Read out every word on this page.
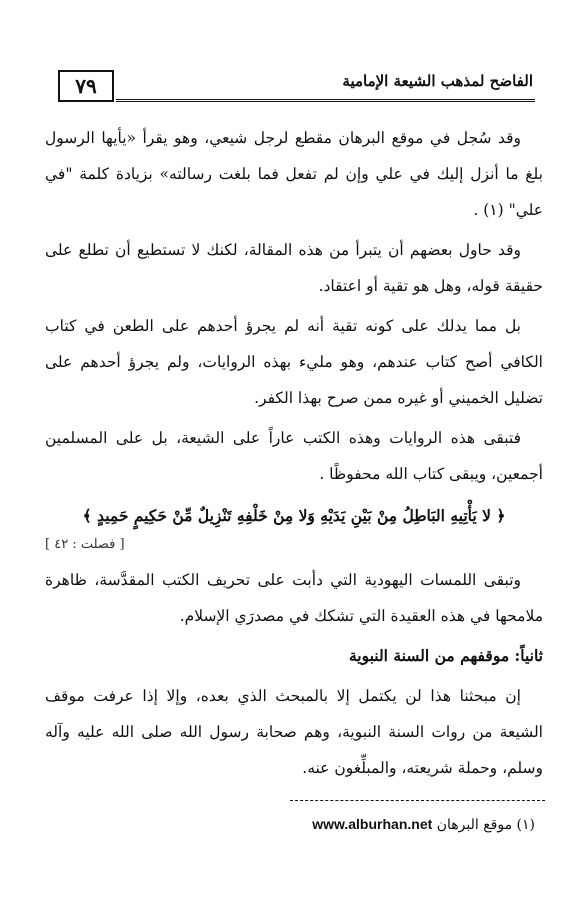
٧٩	الفاضح لمذهب الشيعة الإمامية

وقد سُجل في موقع البرهان مقطع لرجل شيعي، وهو يقرأ «يأيها الرسول بلغ ما أنزل إليك في علي وإن لم تفعل فما بلغت رسالته» بزيادة كلمة "في علي" (١) .

وقد حاول بعضهم أن يتبرأ من هذه المقالة، لكنك لا تستطيع أن تطلع على حقيقة قوله، وهل هو تقية أو اعتقاد.

بل مما يدلك على كونه تقية أنه لم يجرؤ أحدهم على الطعن في كتاب الكافي أصح كتاب عندهم، وهو مليء بهذه الروايات، ولم يجرؤ أحدهم على تضليل الخميني أو غيره ممن صرح بهذا الكفر.

فتبقى هذه الروايات وهذه الكتب عاراً على الشيعة، بل على المسلمين أجمعين، ويبقى كتاب الله محفوظًا .

﴿ لا يَأْتِيهِ البَاطِلُ مِنْ بَيْنِ يَدَيْهِ وَلا مِنْ خَلْفِهِ تَنْزِيلٌ مِّنْ حَكِيمٍ حَمِيدٍ ﴾

[ فصلت : ٤٢ ]

وتبقى اللمسات اليهودية التي دأبت على تحريف الكتب المقدَّسة، ظاهرة ملامحها في هذه العقيدة التي تشكك في مصدرَي الإسلام.

ثانياً: موقفهم من السنة النبوية

إن مبحثنا هذا لن يكتمل إلا بالمبحث الذي بعده، وإلا إذا عرفت موقف الشيعة من روات السنة النبوية، وهم صحابة رسول الله صلى الله عليه وآله وسلم، وحملة شريعته، والمبلِّغون عنه.

(١) موقع البرهان www.alburhan.net
